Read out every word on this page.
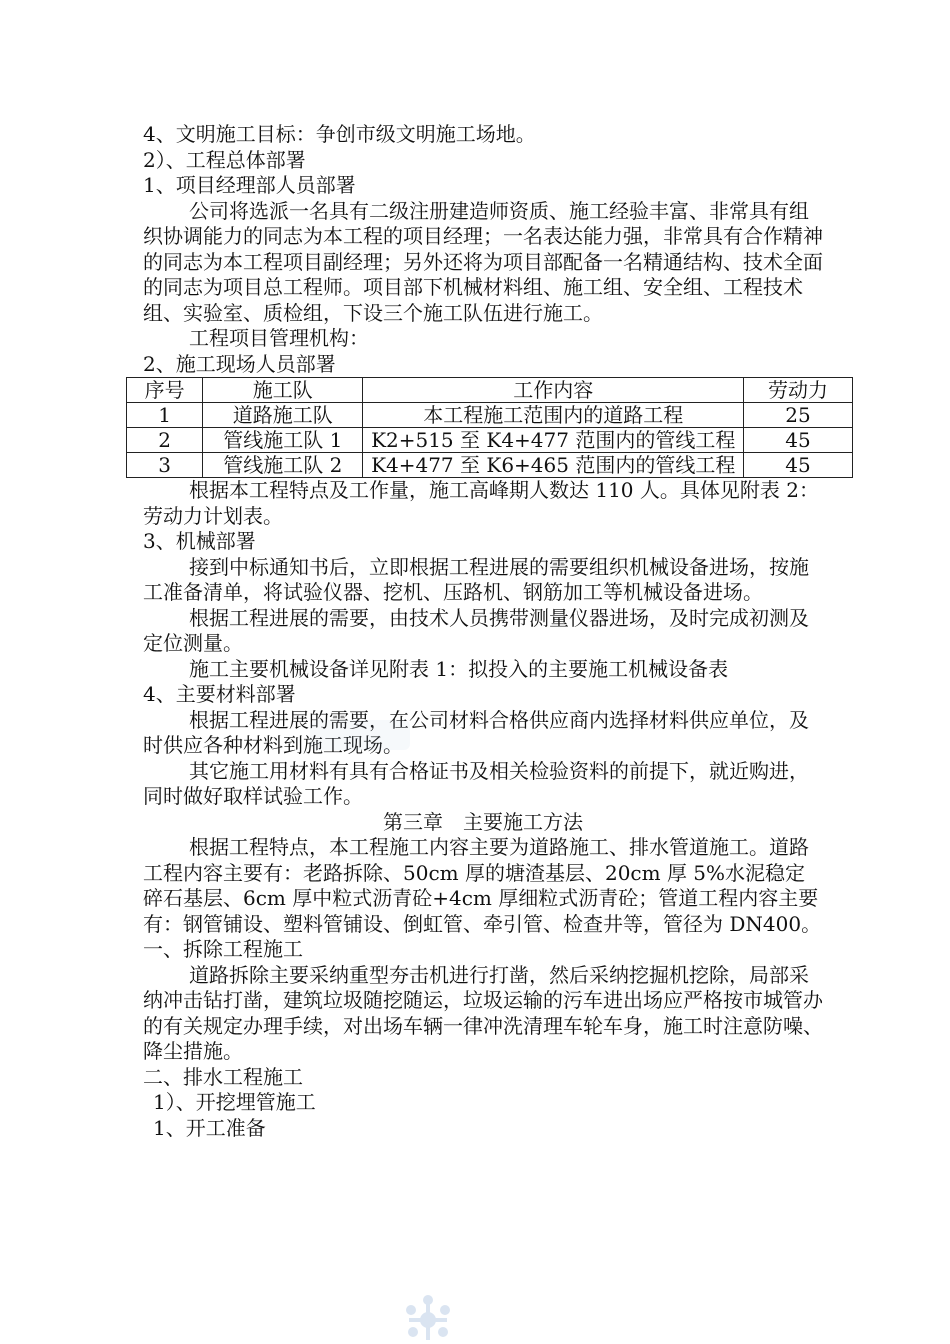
4、文明施工目标：争创市级文明施工场地。

2）、工程总体部署

1、项目经理部人员部署

公司将选派一名具有二级注册建造师资质、施工经验丰富、非常具有组织协调能力的同志为本工程的项目经理；一名表达能力强，非常具有合作精神的同志为本工程项目副经理；另外还将为项目部配备一名精通结构、技术全面的同志为项目总工程师。项目部下机械材料组、施工组、安全组、工程技术组、实验室、质检组，下设三个施工队伍进行施工。

工程项目管理机构：

2、施工现场人员部署

序号	施工队	工作内容	劳动力
1	道路施工队	本工程施工范围内的道路工程	25
2	管线施工队 1	K2+515 至 K4+477 范围内的管线工程	45
3	管线施工队 2	K4+477 至 K6+465 范围内的管线工程	45

根据本工程特点及工作量，施工高峰期人数达 110 人。具体见附表 2：劳动力计划表。

3、机械部署

接到中标通知书后，立即根据工程进展的需要组织机械设备进场，按施工准备清单，将试验仪器、挖机、压路机、钢筋加工等机械设备进场。

根据工程进展的需要，由技术人员携带测量仪器进场，及时完成初测及定位测量。

施工主要机械设备详见附表 1：拟投入的主要施工机械设备表

4、主要材料部署

根据工程进展的需要，在公司材料合格供应商内选择材料供应单位，及时供应各种材料到施工现场。

其它施工用材料有具有合格证书及相关检验资料的前提下，就近购进，同时做好取样试验工作。

第三章　主要施工方法

根据工程特点，本工程施工内容主要为道路施工、排水管道施工。道路工程内容主要有：老路拆除、50cm 厚的塘渣基层、20cm 厚 5%水泥稳定碎石基层、6cm 厚中粒式沥青砼+4cm 厚细粒式沥青砼；管道工程内容主要有：钢管铺设、塑料管铺设、倒虹管、牵引管、检查井等，管径为 DN400。

一、拆除工程施工

道路拆除主要采纳重型夯击机进行打凿，然后采纳挖掘机挖除，局部采纳冲击钻打凿，建筑垃圾随挖随运，垃圾运输的污车进出场应严格按市城管办的有关规定办理手续，对出场车辆一律冲洗清理车轮车身，施工时注意防噪、降尘措施。

二、排水工程施工

1）、开挖埋管施工

1、开工准备
